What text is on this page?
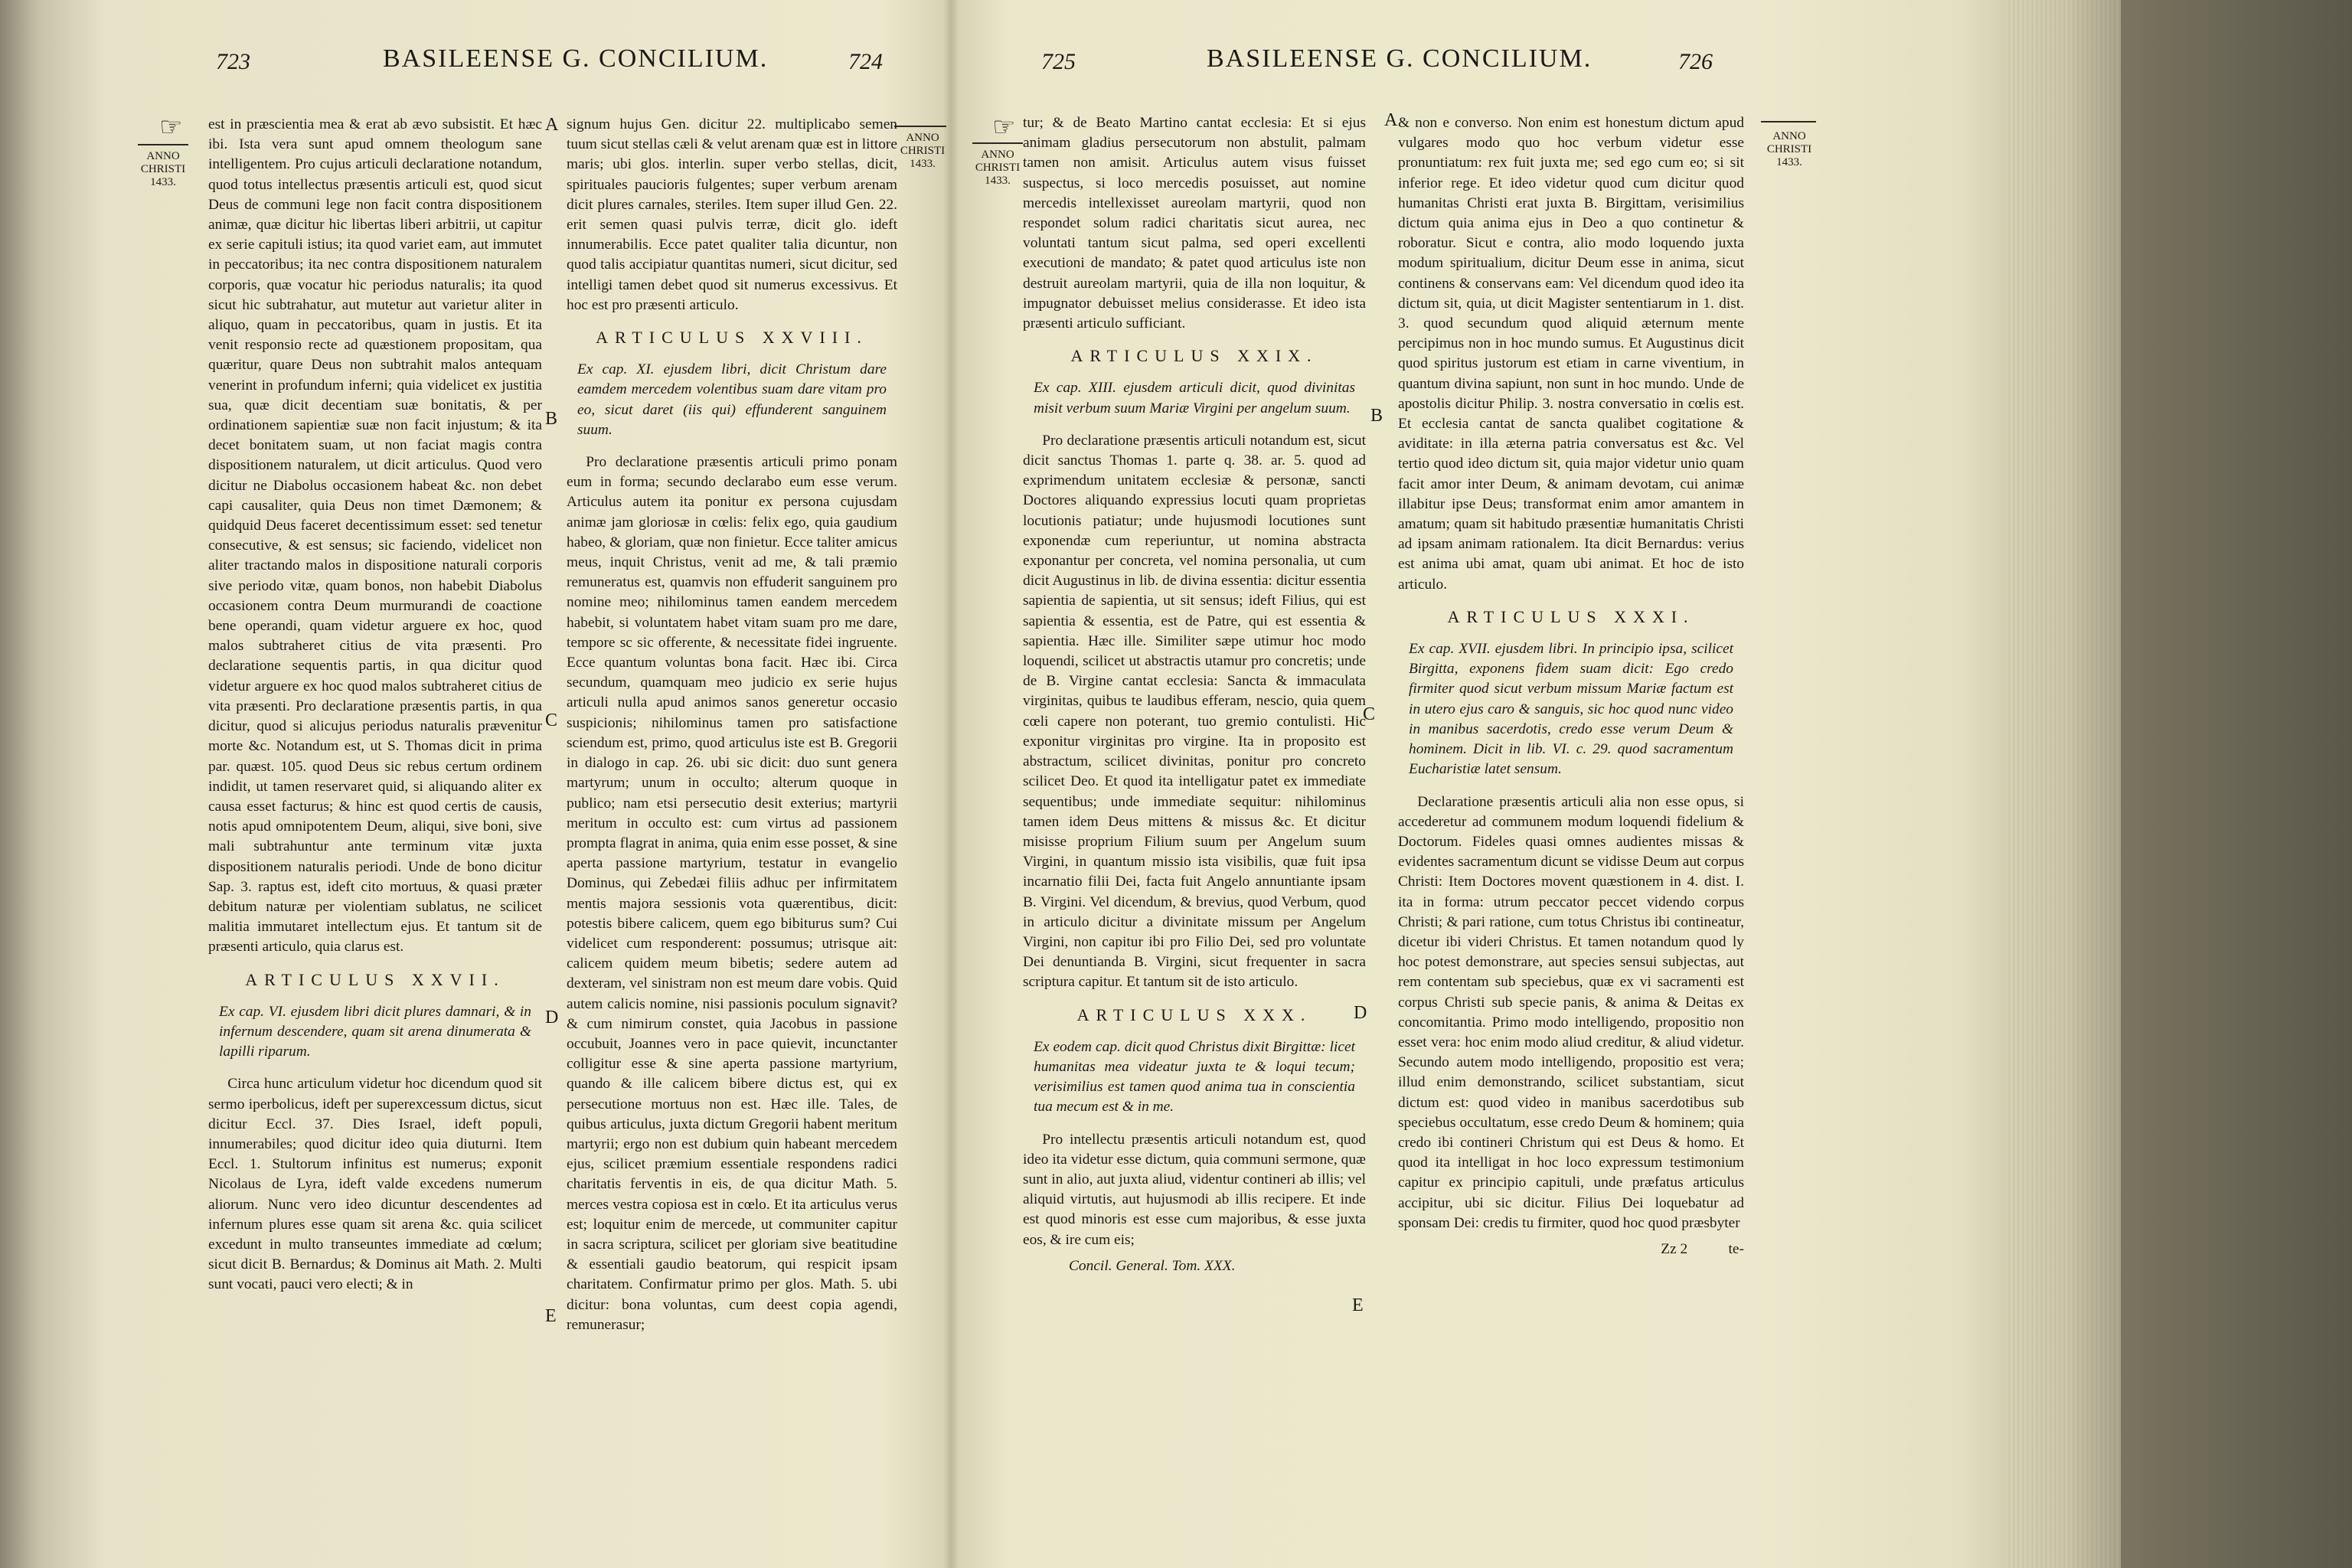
723	BASILEENSE G. CONCILIUM.	724
☞
ANNO
CHRISTI
1433.
ANNO
CHRISTI
1433.
A
B
C
D
E

est in præscientia mea & erat ab ævo subsistit. Et hæc ibi. Ista vera sunt apud omnem theologum sane intelligentem. Pro cujus articuli declaratione notandum, quod totus intellectus præsentis articuli est, quod sicut Deus de communi lege non facit contra dispositionem animæ, quæ dicitur hic libertas liberi arbitrii, ut capitur ex serie capituli istius; ita quod variet eam, aut immutet in peccatoribus; ita nec contra dispositionem naturalem corporis, quæ vocatur hic periodus naturalis; ita quod sicut hic subtrahatur, aut mutetur aut varietur aliter in aliquo, quam in peccatoribus, quam in justis. Et ita venit responsio recte ad quæstionem propositam, qua quæritur, quare Deus non subtrahit malos antequam venerint in profundum inferni; quia videlicet ex justitia sua, quæ dicit decentiam suæ bonitatis, & per ordinationem sapientiæ suæ non facit injustum; & ita decet bonitatem suam, ut non faciat magis contra dispositionem naturalem, ut dicit articulus. Quod vero dicitur ne Diabolus occasionem habeat &c. non debet capi causaliter, quia Deus non timet Dæmonem; & quidquid Deus faceret decentissimum esset: sed tenetur consecutive, & est sensus; sic faciendo, videlicet non aliter tractando malos in dispositione naturali corporis sive periodo vitæ, quam bonos, non habebit Diabolus occasionem contra Deum murmurandi de coactione bene operandi, quam videtur arguere ex hoc, quod malos subtraheret citius de vita præsenti. Pro declaratione sequentis partis, in qua dicitur quod videtur arguere ex hoc quod malos subtraheret citius de vita præsenti. Pro declaratione præsentis partis, in qua dicitur, quod si alicujus periodus naturalis prævenitur morte &c. Notandum est, ut S. Thomas dicit in prima par. quæst. 105. quod Deus sic rebus certum ordinem indidit, ut tamen reservaret quid, si aliquando aliter ex causa esset facturus; & hinc est quod certis de causis, notis apud omnipotentem Deum, aliqui, sive boni, sive mali subtrahuntur ante terminum vitæ juxta dispositionem naturalis periodi. Unde de bono dicitur Sap. 3. raptus est, ideft cito mortuus, & quasi præter debitum naturæ per violentiam sublatus, ne scilicet malitia immutaret intellectum ejus. Et tantum sit de præsenti articulo, quia clarus est.

ARTICULUS XXVII.

Ex cap. VI. ejusdem libri dicit plures damnari, & in infernum descendere, quam sit arena dinumerata & lapilli riparum.

Circa hunc articulum videtur hoc dicendum quod sit sermo iperbolicus, ideft per superexcessum dictus, sicut dicitur Eccl. 37. Dies Israel, ideft populi, innumerabiles; quod dicitur ideo quia diuturni. Item Eccl. 1. Stultorum infinitus est numerus; exponit Nicolaus de Lyra, ideft valde excedens numerum aliorum. Nunc vero ideo dicuntur descendentes ad infernum plures esse quam sit arena &c. quia scilicet excedunt in multo transeuntes immediate ad cœlum; sicut dicit B. Bernardus; & Dominus ait Math. 2. Multi sunt vocati, pauci vero electi; & in

signum hujus Gen. dicitur 22. multiplicabo semen tuum sicut stellas cæli & velut arenam quæ est in littore maris; ubi glos. interlin. super verbo stellas, dicit, spirituales paucioris fulgentes; super verbum arenam dicit plures carnales, steriles. Item super illud Gen. 22. erit semen quasi pulvis terræ, dicit glo. ideft innumerabilis. Ecce patet qualiter talia dicuntur, non quod talis accipiatur quantitas numeri, sicut dicitur, sed intelligi tamen debet quod sit numerus excessivus. Et hoc est pro præsenti articulo.

ARTICULUS XXVIII.

Ex cap. XI. ejusdem libri, dicit Christum dare eamdem mercedem volentibus suam dare vitam pro eo, sicut daret (iis qui) effunderent sanguinem suum.

Pro declaratione præsentis articuli primo ponam eum in forma; secundo declarabo eum esse verum. Articulus autem ita ponitur ex persona cujusdam animæ jam gloriosæ in cœlis: felix ego, quia gaudium habeo, & gloriam, quæ non finietur. Ecce taliter amicus meus, inquit Christus, venit ad me, & tali præmio remuneratus est, quamvis non effuderit sanguinem pro nomine meo; nihilominus tamen eandem mercedem habebit, si voluntatem habet vitam suam pro me dare, tempore sc sic offerente, & necessitate fidei ingruente. Ecce quantum voluntas bona facit. Hæc ibi. Circa secundum, quamquam meo judicio ex serie hujus articuli nulla apud animos sanos generetur occasio suspicionis; nihilominus tamen pro satisfactione sciendum est, primo, quod articulus iste est B. Gregorii in dialogo in cap. 26. ubi sic dicit: duo sunt genera martyrum; unum in occulto; alterum quoque in publico; nam etsi persecutio desit exterius; martyrii meritum in occulto est: cum virtus ad passionem prompta flagrat in anima, quia enim esse posset, & sine aperta passione martyrium, testatur in evangelio Dominus, qui Zebedæi filiis adhuc per infirmitatem mentis majora sessionis vota quærentibus, dicit: potestis bibere calicem, quem ego bibiturus sum? Cui videlicet cum responderent: possumus; utrisque ait: calicem quidem meum bibetis; sedere autem ad dexteram, vel sinistram non est meum dare vobis. Quid autem calicis nomine, nisi passionis poculum signavit? & cum nimirum constet, quia Jacobus in passione occubuit, Joannes vero in pace quievit, incunctanter colligitur esse & sine aperta passione martyrium, quando & ille calicem bibere dictus est, qui ex persecutione mortuus non est. Hæc ille. Tales, de quibus articulus, juxta dictum Gregorii habent meritum martyrii; ergo non est dubium quin habeant mercedem ejus, scilicet præmium essentiale respondens radici charitatis ferventis in eis, de qua dicitur Math. 5. merces vestra copiosa est in cœlo. Et ita articulus verus est; loquitur enim de mercede, ut communiter capitur in sacra scriptura, scilicet per gloriam sive beatitudine & essentiali gaudio beatorum, qui respicit ipsam charitatem. Confirmatur primo per glos. Math. 5. ubi dicitur: bona voluntas, cum deest copia agendi, remunerasur;

725	BASILEENSE G. CONCILIUM.	726
☞
ANNO
CHRISTI
1433.
ANNO
CHRISTI
1433.
A
B
C
D
E

tur; & de Beato Martino cantat ecclesia: Et si ejus animam gladius persecutorum non abstulit, palmam tamen non amisit. Articulus autem visus fuisset suspectus, si loco mercedis posuisset, aut nomine mercedis intellexisset aureolam martyrii, quod non respondet solum radici charitatis sicut aurea, nec voluntati tantum sicut palma, sed operi excellenti executioni de mandato; & patet quod articulus iste non destruit aureolam martyrii, quia de illa non loquitur, & impugnator debuisset melius considerasse. Et ideo ista præsenti articulo sufficiant.

ARTICULUS XXIX.

Ex cap. XIII. ejusdem articuli dicit, quod divinitas misit verbum suum Mariæ Virgini per angelum suum.

Pro declaratione præsentis articuli notandum est, sicut dicit sanctus Thomas 1. parte q. 38. ar. 5. quod ad exprimendum unitatem ecclesiæ & personæ, sancti Doctores aliquando expressius locuti quam proprietas locutionis patiatur; unde hujusmodi locutiones sunt exponendæ cum reperiuntur, ut nomina abstracta exponantur per concreta, vel nomina personalia, ut cum dicit Augustinus in lib. de divina essentia: dicitur essentia sapientia de sapientia, ut sit sensus; ideft Filius, qui est sapientia & essentia, est de Patre, qui est essentia & sapientia. Hæc ille. Similiter sæpe utimur hoc modo loquendi, scilicet ut abstractis utamur pro concretis; unde de B. Virgine cantat ecclesia: Sancta & immaculata virginitas, quibus te laudibus efferam, nescio, quia quem cœli capere non poterant, tuo gremio contulisti. Hic exponitur virginitas pro virgine. Ita in proposito est abstractum, scilicet divinitas, ponitur pro concreto scilicet Deo. Et quod ita intelligatur patet ex immediate sequentibus; unde immediate sequitur: nihilominus tamen idem Deus mittens & missus &c. Et dicitur misisse proprium Filium suum per Angelum suum Virgini, in quantum missio ista visibilis, quæ fuit ipsa incarnatio filii Dei, facta fuit Angelo annuntiante ipsam B. Virgini. Vel dicendum, & brevius, quod Verbum, quod in articulo dicitur a divinitate missum per Angelum Virgini, non capitur ibi pro Filio Dei, sed pro voluntate Dei denuntianda B. Virgini, sicut frequenter in sacra scriptura capitur. Et tantum sit de isto articulo.

ARTICULUS XXX.

Ex eodem cap. dicit quod Christus dixit Birgittæ: licet humanitas mea videatur juxta te & loqui tecum; verisimilius est tamen quod anima tua in conscientia tua mecum est & in me.

Pro intellectu præsentis articuli notandum est, quod ideo ita videtur esse dictum, quia communi sermone, quæ sunt in alio, aut juxta aliud, videntur contineri ab illis; vel aliquid virtutis, aut hujusmodi ab illis recipere. Et inde est quod minoris est esse cum majoribus, & esse juxta eos, & ire cum eis;

Concil. General. Tom. XXX.

& non e converso. Non enim est honestum dictum apud vulgares modo quo hoc verbum videtur esse pronuntiatum: rex fuit juxta me; sed ego cum eo; si sit inferior rege. Et ideo videtur quod cum dicitur quod humanitas Christi erat juxta B. Birgittam, verisimilius dictum quia anima ejus in Deo a quo continetur & roboratur. Sicut e contra, alio modo loquendo juxta modum spiritualium, dicitur Deum esse in anima, sicut continens & conservans eam: Vel dicendum quod ideo ita dictum sit, quia, ut dicit Magister sententiarum in 1. dist. 3. quod secundum quod aliquid æternum mente percipimus non in hoc mundo sumus. Et Augustinus dicit quod spiritus justorum est etiam in carne viventium, in quantum divina sapiunt, non sunt in hoc mundo. Unde de apostolis dicitur Philip. 3. nostra conversatio in cœlis est. Et ecclesia cantat de sancta qualibet cogitatione & aviditate: in illa æterna patria conversatus est &c. Vel tertio quod ideo dictum sit, quia major videtur unio quam facit amor inter Deum, & animam devotam, cui animæ illabitur ipse Deus; transformat enim amor amantem in amatum; quam sit habitudo præsentiæ humanitatis Christi ad ipsam animam rationalem. Ita dicit Bernardus: verius est anima ubi amat, quam ubi animat. Et hoc de isto articulo.

ARTICULUS XXXI.

Ex cap. XVII. ejusdem libri. In principio ipsa, scilicet Birgitta, exponens fidem suam dicit: Ego credo firmiter quod sicut verbum missum Mariæ factum est in utero ejus caro & sanguis, sic hoc quod nunc video in manibus sacerdotis, credo esse verum Deum & hominem. Dicit in lib. VI. c. 29. quod sacramentum Eucharistiæ latet sensum.

Declaratione præsentis articuli alia non esse opus, si accederetur ad communem modum loquendi fidelium & Doctorum. Fideles quasi omnes audientes missas & evidentes sacramentum dicunt se vidisse Deum aut corpus Christi: Item Doctores movent quæstionem in 4. dist. I. ita in forma: utrum peccator peccet videndo corpus Christi; & pari ratione, cum totus Christus ibi contineatur, dicetur ibi videri Christus. Et tamen notandum quod ly hoc potest demonstrare, aut species sensui subjectas, aut rem contentam sub speciebus, quæ ex vi sacramenti est corpus Christi sub specie panis, & anima & Deitas ex concomitantia. Primo modo intelligendo, propositio non esset vera: hoc enim modo aliud creditur, & aliud videtur. Secundo autem modo intelligendo, propositio est vera; illud enim demonstrando, scilicet substantiam, sicut dictum est: quod video in manibus sacerdotibus sub speciebus occultatum, esse credo Deum & hominem; quia credo ibi contineri Christum qui est Deus & homo. Et quod ita intelligat in hoc loco expressum testimonium capitur ex principio capituli, unde præfatus articulus accipitur, ubi sic dicitur. Filius Dei loquebatur ad sponsam Dei: credis tu firmiter, quod hoc quod præsbyter

Zz 2	te-
